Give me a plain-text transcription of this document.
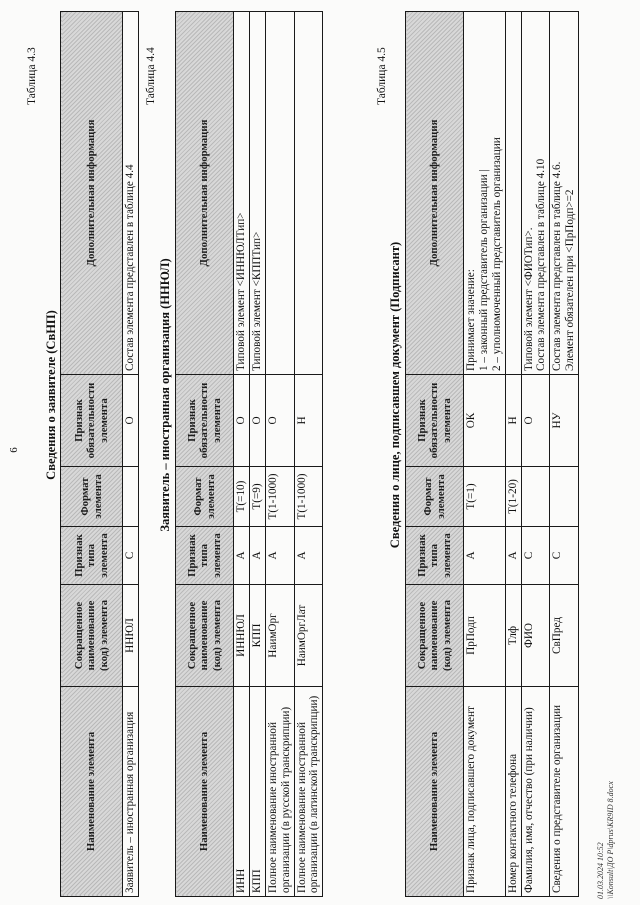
6
Таблица 4.3
Сведения о заявителе (СвНП)
Наименование элемента	Сокращенное наименование (код) элемента	Признак типа элемента	Формат элемента	Признак обязательности элемента	Дополнительная информация
Заявитель – иностранная организация	ННЮЛ	С		О	Состав элемента представлен в таблице 4.4
Таблица 4.4
Заявитель – иностранная организация (ННЮЛ)
Наименование элемента	Сокращенное наименование (код) элемента	Признак типа элемента	Формат элемента	Признак обязательности элемента	Дополнительная информация
ИНН	ИННЮЛ	А	T(=10)	О	Типовой элемент <ИННЮЛТип>
КПП	КПП	А	T(=9)	О	Типовой элемент <КППТип>
Полное наименование иностранной организации (в русской транскрипции)	НаимОрг	А	T(1-1000)	О	
Полное наименование иностранной организации (в латинской транскрипции)	НаимОргЛат	А	T(1-1000)	Н	
Таблица 4.5
Сведения о лице, подписавшем документ (Подписант)
Наименование элемента	Сокращенное наименование (код) элемента	Признак типа элемента	Формат элемента	Признак обязательности элемента	Дополнительная информация
Признак лица, подписавшего документ	ПрПодп	А	T(=1)	ОК	Принимает значение:
1 – законный представитель организации |
2 – уполномоченный представитель организации
Номер контактного телефона	Тлф	А	T(1-20)	Н	
Фамилия, имя, отчество (при наличии)	ФИО	С		О	Типовой элемент <ФИОТип>.
Состав элемента представлен в таблице 4.10
Сведения о представителе организации	СвПред	С		НУ	Состав элемента представлен в таблице 4.6.
Элемент обязателен при <ПрПодп>=2
01.03.2024 10:52
\\Konsult\ДО Р\dprus\KR9ID 8.docx
